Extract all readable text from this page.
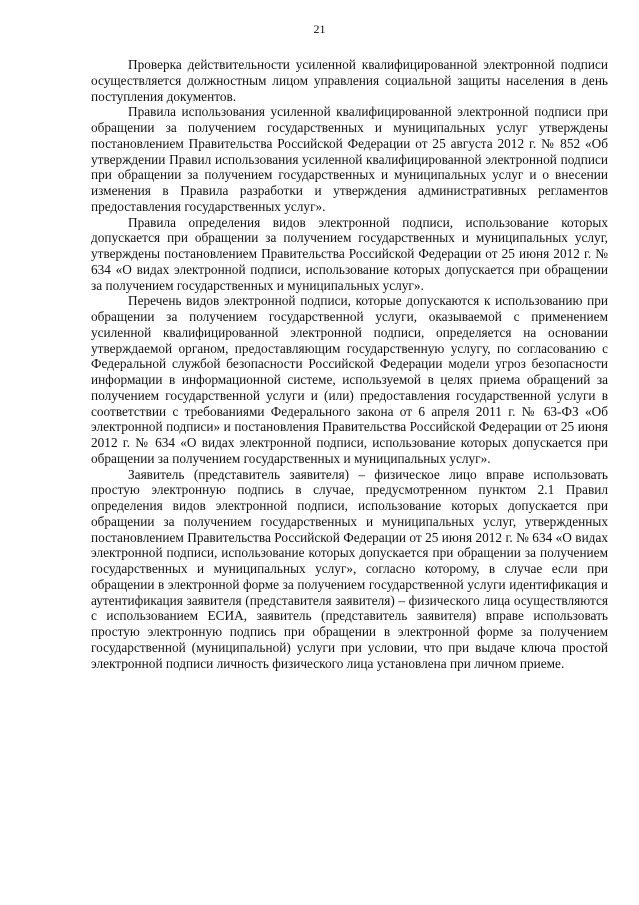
21

Проверка действительности усиленной квалифицированной электронной подписи осуществляется должностным лицом управления социальной защиты населения в день поступления документов.

Правила использования усиленной квалифицированной электронной подписи при обращении за получением государственных и муниципальных услуг утверждены постановлением Правительства Российской Федерации от 25 августа 2012 г. № 852 «Об утверждении Правил использования усиленной квалифицированной электронной подписи при обращении за получением государственных и муниципальных услуг и о внесении изменения в Правила разработки и утверждения административных регламентов предоставления государственных услуг».

Правила определения видов электронной подписи, использование которых допускается при обращении за получением государственных и муниципальных услуг, утверждены постановлением Правительства Российской Федерации от 25 июня 2012 г. № 634 «О видах электронной подписи, использование которых допускается при обращении за получением государственных и муниципальных услуг».

Перечень видов электронной подписи, которые допускаются к использованию при обращении за получением государственной услуги, оказываемой с применением усиленной квалифицированной электронной подписи, определяется на основании утверждаемой органом, предоставляющим государственную услугу, по согласованию с Федеральной службой безопасности Российской Федерации модели угроз безопасности информации в информационной системе, используемой в целях приема обращений за получением государственной услуги и (или) предоставления государственной услуги в соответствии с требованиями Федерального закона от 6 апреля 2011 г. № 63-ФЗ «Об электронной подписи» и постановления Правительства Российской Федерации от 25 июня 2012 г. № 634 «О видах электронной подписи, использование которых допускается при обращении за получением государственных и муниципальных услуг».

Заявитель (представитель заявителя) – физическое лицо вправе использовать простую электронную подпись в случае, предусмотренном пунктом 2.1 Правил определения видов электронной подписи, использование которых допускается при обращении за получением государственных и муниципальных услуг, утвержденных постановлением Правительства Российской Федерации от 25 июня 2012 г. № 634 «О видах электронной подписи, использование которых допускается при обращении за получением государственных и муниципальных услуг», согласно которому, в случае если при обращении в электронной форме за получением государственной услуги идентификация и аутентификация заявителя (представителя заявителя) – физического лица осуществляются с использованием ЕСИА, заявитель (представитель заявителя) вправе использовать простую электронную подпись при обращении в электронной форме за получением государственной (муниципальной) услуги при условии, что при выдаче ключа простой электронной подписи личность физического лица установлена при личном приеме.
